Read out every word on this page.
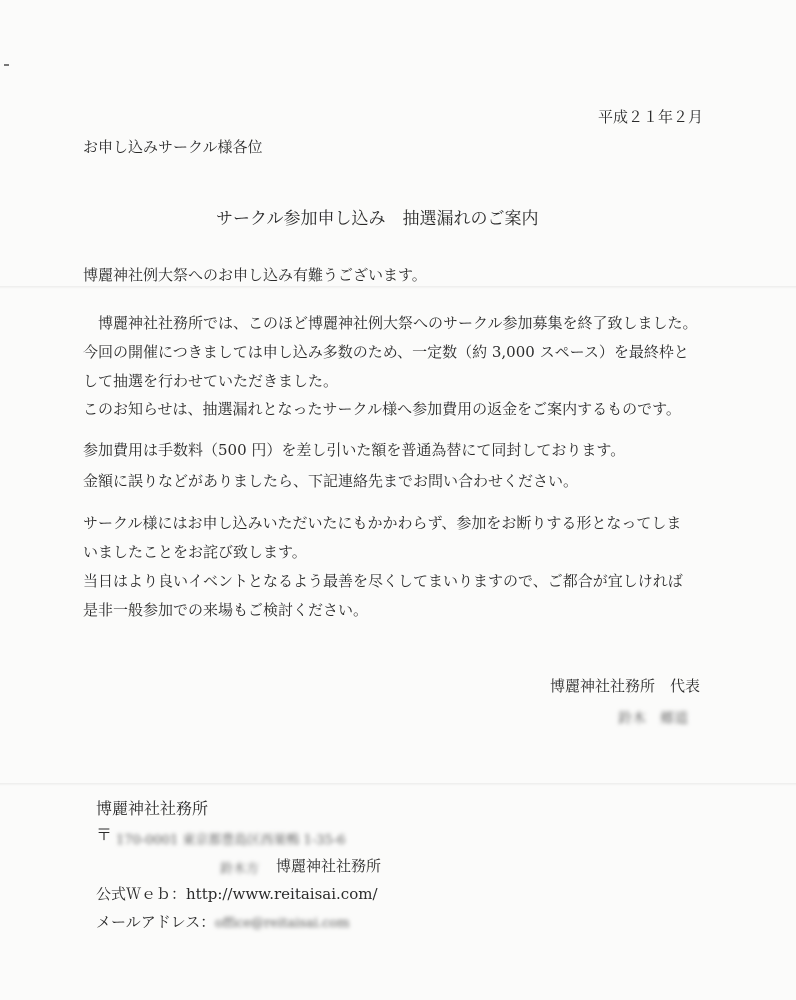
平成２１年２月
お申し込みサークル様各位
サークル参加申し込み　抽選漏れのご案内
博麗神社例大祭へのお申し込み有難うございます。
　博麗神社社務所では、このほど博麗神社例大祭へのサークル参加募集を終了致しました。
今回の開催につきましては申し込み多数のため、一定数（約 3,000 スペース）を最終枠と
して抽選を行わせていただきました。
このお知らせは、抽選漏れとなったサークル様へ参加費用の返金をご案内するものです。
参加費用は手数料（500 円）を差し引いた額を普通為替にて同封しております。
金額に誤りなどがありましたら、下記連絡先までお問い合わせください。
サークル様にはお申し込みいただいたにもかかわらず、参加をお断りする形となってしま
いましたことをお詫び致します。
当日はより良いイベントとなるよう最善を尽くしてまいりますので、ご都合が宜しければ
是非一般参加での来場もご検討ください。
博麗神社社務所　代表
鈴木　郷道
博麗神社社務所
〒 170-0001 東京都豊島区西巣鴨 1-35-6
鈴木方 博麗神社社務所
公式Ｗｅｂ：http://www.reitaisai.com/
メールアドレス： office@reitaisai.com
